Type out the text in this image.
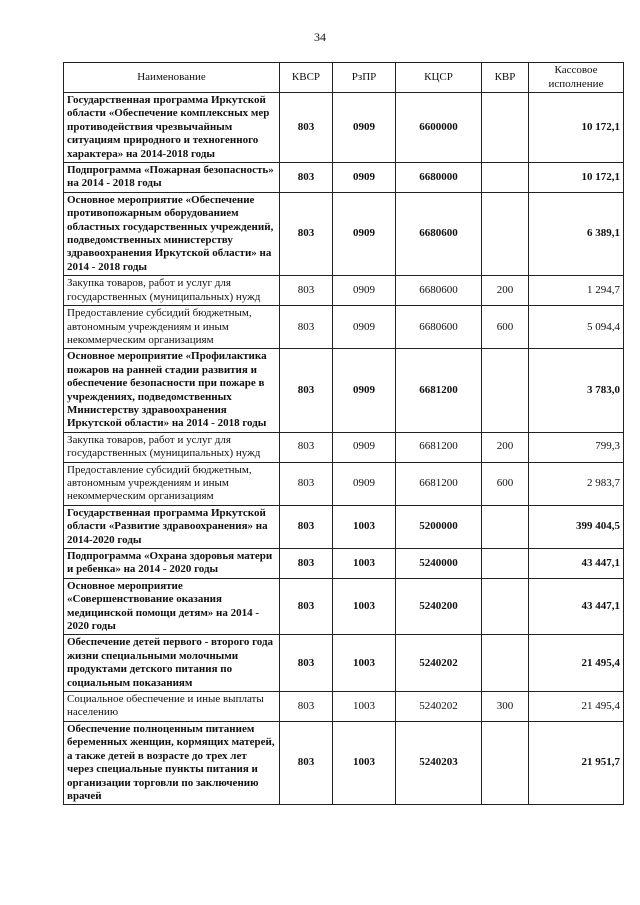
34
Наименование	КВСР	РзПР	КЦСР	КВР	Кассовое исполнение
Государственная программа Иркутской области «Обеспечение комплексных мер противодействия чрезвычайным ситуациям природного и техногенного характера» на 2014-2018 годы	803	0909	6600000		10 172,1
Подпрограмма «Пожарная безопасность» на 2014 - 2018 годы	803	0909	6680000		10 172,1
Основное мероприятие «Обеспечение противопожарным оборудованием областных государственных учреждений, подведомственных министерству здравоохранения Иркутской области» на 2014 - 2018 годы	803	0909	6680600		6 389,1
Закупка товаров, работ и услуг для государственных (муниципальных) нужд	803	0909	6680600	200	1 294,7
Предоставление субсидий бюджетным, автономным учреждениям и иным некоммерческим организациям	803	0909	6680600	600	5 094,4
Основное мероприятие «Профилактика пожаров на ранней стадии развития и обеспечение безопасности при пожаре в учреждениях, подведомственных Министерству здравоохранения Иркутской области» на 2014 - 2018 годы	803	0909	6681200		3 783,0
Закупка товаров, работ и услуг для государственных (муниципальных) нужд	803	0909	6681200	200	799,3
Предоставление субсидий бюджетным, автономным учреждениям и иным некоммерческим организациям	803	0909	6681200	600	2 983,7
Государственная программа Иркутской области «Развитие здравоохранения» на 2014-2020 годы	803	1003	5200000		399 404,5
Подпрограмма «Охрана здоровья матери и ребенка» на 2014 - 2020 годы	803	1003	5240000		43 447,1
Основное мероприятие «Совершенствование оказания медицинской помощи детям» на 2014 - 2020 годы	803	1003	5240200		43 447,1
Обеспечение детей первого - второго года жизни специальными молочными продуктами детского питания по социальным показаниям	803	1003	5240202		21 495,4
Социальное обеспечение и иные выплаты населению	803	1003	5240202	300	21 495,4
Обеспечение полноценным питанием беременных женщин, кормящих матерей, а также детей в возрасте до трех лет через специальные пункты питания и организации торговли по заключению врачей	803	1003	5240203		21 951,7
